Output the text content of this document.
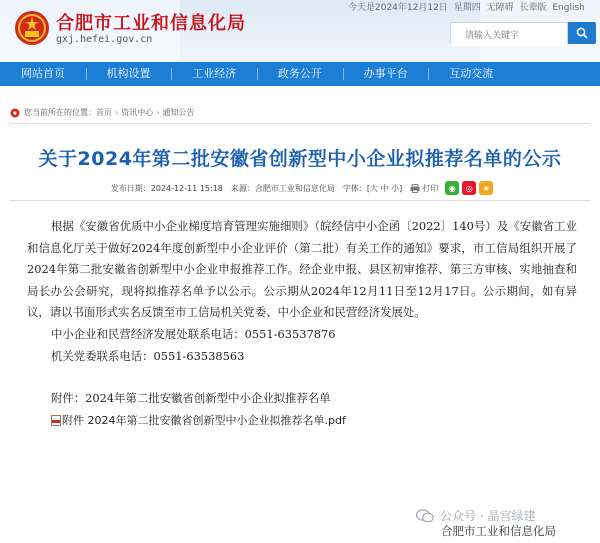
合肥市工业和信息化局
gxj.hefei.gov.cn
今天是2024年12月12日 星期四 无障碍 长辈版 English
请输入关键字
网站首页	机构设置	工业经济	政务公开	办事平台	互动交流
您当前所在的位置： 首页 › 资讯中心 › 通知公告
关于2024年第二批安徽省创新型中小企业拟推荐名单的公示
发布日期：2024-12-11 15:18 来源：合肥市工业和信息化局 字体：[大 中 小]	打印	◉	◎	★

根据《安徽省优质中小企业梯度培育管理实施细则》（皖经信中小企函〔2022〕140号）及《安徽省工业和信息化厅关于做好2024年度创新型中小企业评价（第二批）有关工作的通知》要求，市工信局组织开展了2024年第二批安徽省创新型中小企业申报推荐工作。经企业申报、县区初审推荐、第三方审核、实地抽查和局长办公会研究，现将拟推荐名单予以公示。公示期从2024年12月11日至12月17日。公示期间，如有异议，请以书面形式实名反馈至市工信局机关党委、中小企业和民营经济发展处。

中小企业和民营经济发展处联系电话：0551-63537876

机关党委联系电话：0551-63538563

附件：2024年第二批安徽省创新型中小企业拟推荐名单

附件 2024年第二批安徽省创新型中小企业拟推荐名单.pdf
公众号 · 晶宫绿建
合肥市工业和信息化局
